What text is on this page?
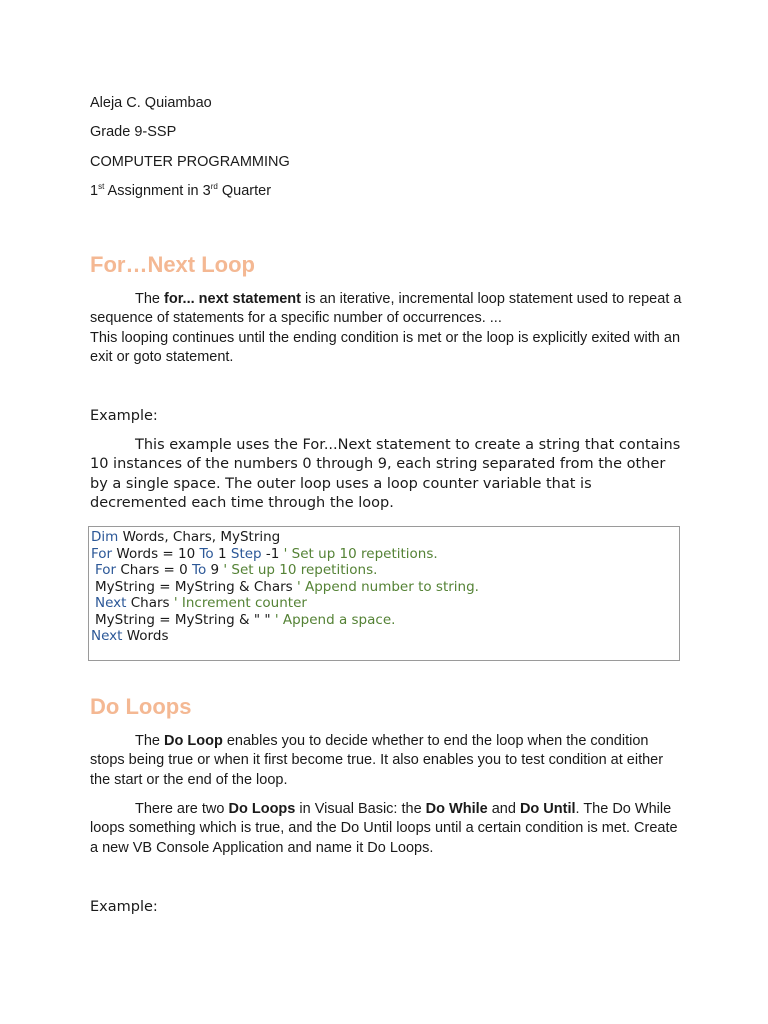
Aleja C. Quiambao
Grade 9-SSP
COMPUTER PROGRAMMING
1st Assignment in 3rd Quarter
For…Next Loop
The for... next statement is an iterative, incremental loop statement used to repeat a sequence of statements for a specific number of occurrences. ...
This looping continues until the ending condition is met or the loop is explicitly exited with an exit or goto statement.
Example:
This example uses the For...Next statement to create a string that contains 10 instances of the numbers 0 through 9, each string separated from the other by a single space. The outer loop uses a loop counter variable that is decremented each time through the loop.
Dim Words, Chars, MyString
For Words = 10 To 1 Step -1 ' Set up 10 repetitions.
For Chars = 0 To 9 ' Set up 10 repetitions.
MyString = MyString & Chars ' Append number to string.
Next Chars ' Increment counter
MyString = MyString & " " ' Append a space.
Next Words
Do Loops
The Do Loop enables you to decide whether to end the loop when the condition stops being true or when it first become true. It also enables you to test condition at either the start or the end of the loop.
There are two Do Loops in Visual Basic: the Do While and Do Until. The Do While loops something which is true, and the Do Until loops until a certain condition is met. Create a new VB Console Application and name it Do Loops.
Example:
